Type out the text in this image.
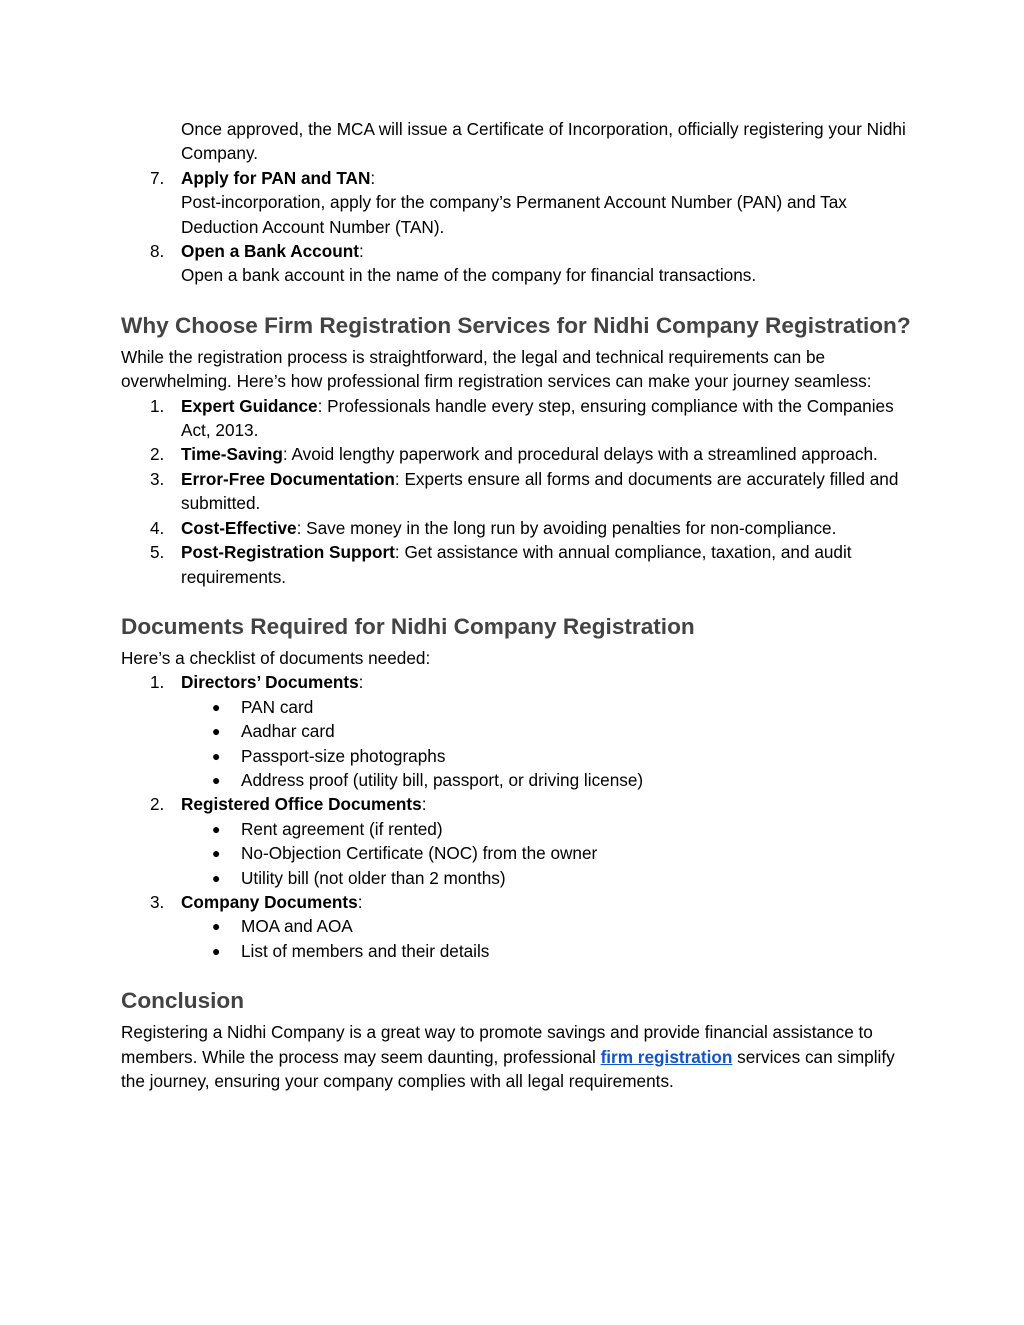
Once approved, the MCA will issue a Certificate of Incorporation, officially registering your Nidhi Company.

7. Apply for PAN and TAN:
Post-incorporation, apply for the company’s Permanent Account Number (PAN) and Tax Deduction Account Number (TAN).
8. Open a Bank Account:
Open a bank account in the name of the company for financial transactions.
Why Choose Firm Registration Services for Nidhi Company Registration?

While the registration process is straightforward, the legal and technical requirements can be overwhelming. Here’s how professional firm registration services can make your journey seamless:

1. Expert Guidance: Professionals handle every step, ensuring compliance with the Companies Act, 2013.
2. Time-Saving: Avoid lengthy paperwork and procedural delays with a streamlined approach.
3. Error-Free Documentation: Experts ensure all forms and documents are accurately filled and submitted.
4. Cost-Effective: Save money in the long run by avoiding penalties for non-compliance.
5. Post-Registration Support: Get assistance with annual compliance, taxation, and audit requirements.
Documents Required for Nidhi Company Registration

Here’s a checklist of documents needed:

1. Directors’ Documents:
● PAN card
● Aadhar card
● Passport-size photographs
● Address proof (utility bill, passport, or driving license)
2. Registered Office Documents:
● Rent agreement (if rented)
● No-Objection Certificate (NOC) from the owner
● Utility bill (not older than 2 months)
3. Company Documents:
● MOA and AOA
● List of members and their details
Conclusion

Registering a Nidhi Company is a great way to promote savings and provide financial assistance to members. While the process may seem daunting, professional firm registration services can simplify the journey, ensuring your company complies with all legal requirements.
